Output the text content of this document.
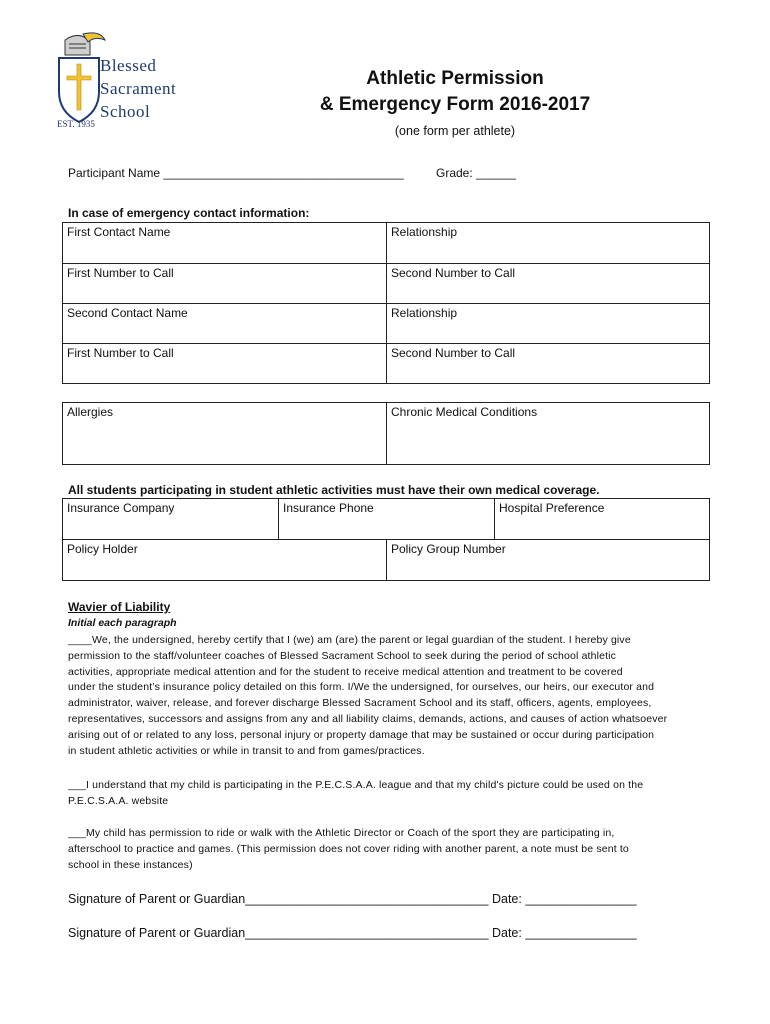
Blessed
Sacrament
School
EST. 1935
Athletic Permission
& Emergency Form 2016-2017
(one form per athlete)
Participant Name ____________________________________	Grade: ______
In case of emergency contact information:
First Contact Name	Relationship
First Number to Call	Second Number to Call
Second Contact Name	Relationship
First Number to Call	Second Number to Call
Allergies	Chronic Medical Conditions
All students participating in student athletic activities must have their own medical coverage.
Insurance Company	Insurance Phone	Hospital Preference
Policy Holder	Policy Group Number
Wavier of Liability
Initial each paragraph
____We, the undersigned, hereby certify that I (we) am (are) the parent or legal guardian of the student. I hereby give
permission to the staff/volunteer coaches of Blessed Sacrament School to seek during the period of school athletic
activities, appropriate medical attention and for the student to receive medical attention and treatment to be covered
under the student’s insurance policy detailed on this form. I/We the undersigned, for ourselves, our heirs, our executor and
administrator, waiver, release, and forever discharge Blessed Sacrament School and its staff, officers, agents, employees,
representatives, successors and assigns from any and all liability claims, demands, actions, and causes of action whatsoever
arising out of or related to any loss, personal injury or property damage that may be sustained or occur during participation
in student athletic activities or while in transit to and from games/practices.
___I understand that my child is participating in the P.E.C.S.A.A. league and that my child's picture could be used on the
P.E.C.S.A.A. website
___My child has permission to ride or walk with the Athletic Director or Coach of the sport they are participating in,
afterschool to practice and games. (This permission does not cover riding with another parent, a note must be sent to
school in these instances)
Signature of Parent or Guardian___________________________________ Date: ________________
Signature of Parent or Guardian___________________________________ Date: ________________
